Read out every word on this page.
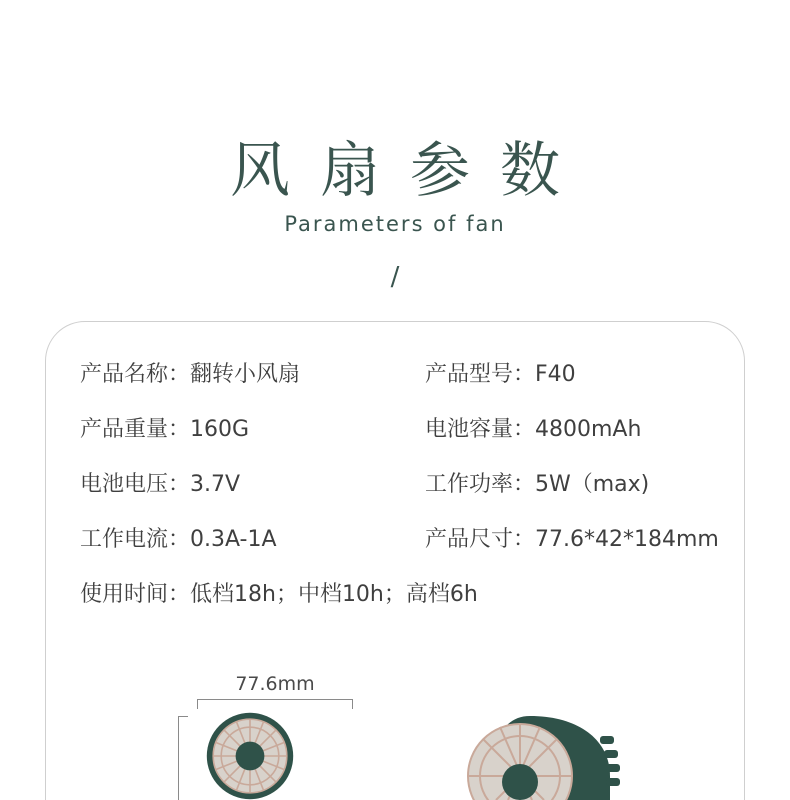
风扇参数
Parameters of fan
/
产品名称：翻转小风扇	产品型号：F40
产品重量：160G	电池容量：4800mAh
电池电压：3.7V	工作功率：5W（max)
工作电流：0.3A-1A	产品尺寸：77.6*42*184mm
使用时间：低档18h；中档10h；高档6h
77.6mm
